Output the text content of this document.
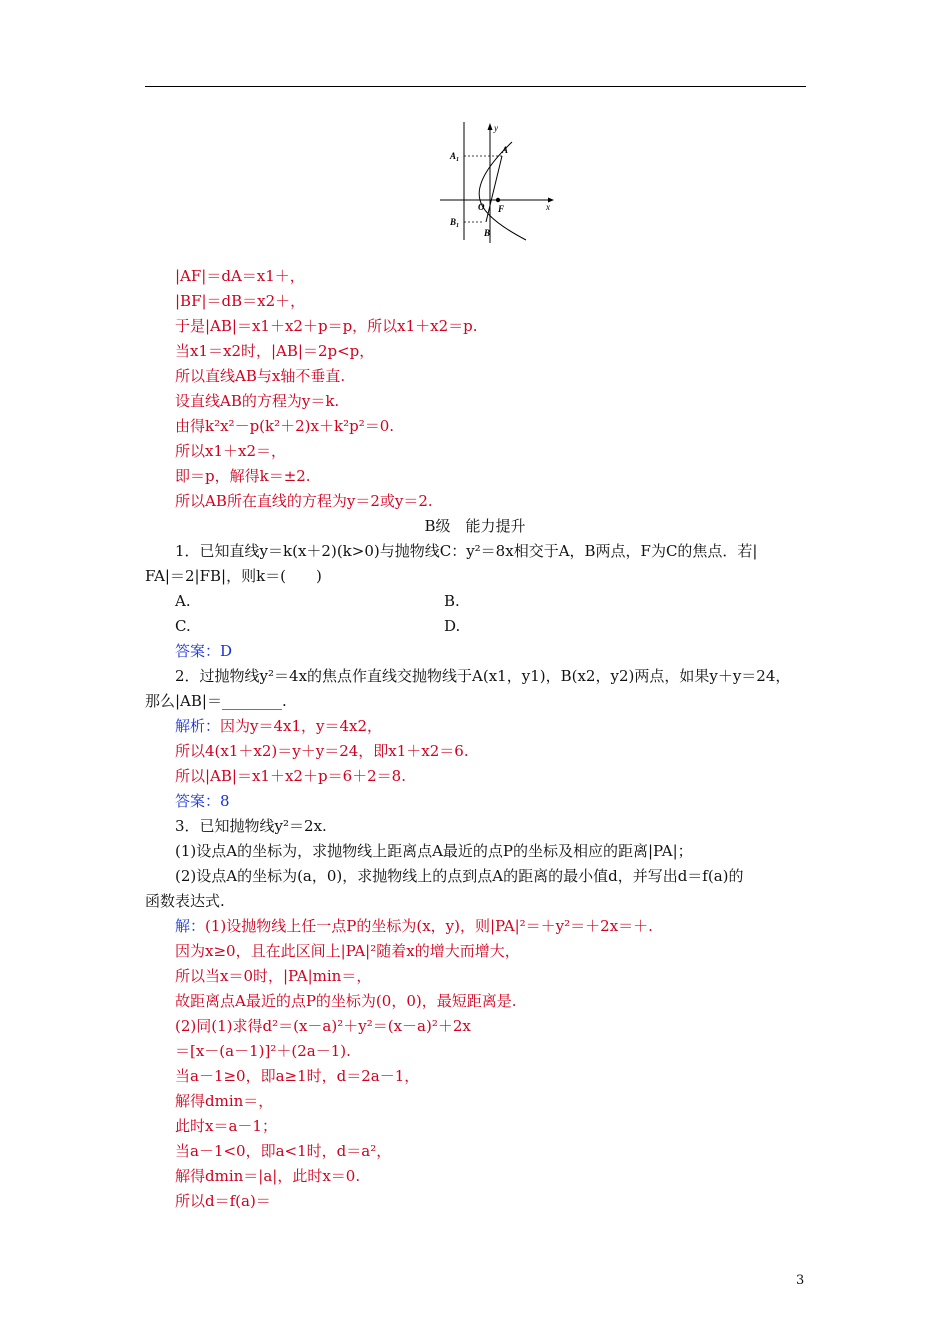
y
x
O F
A
B
$A_1$
$B_1$
|AF|＝dA＝x1＋，
|BF|＝dB＝x2＋，
于是|AB|＝x1＋x2＋p＝p，所以x1＋x2＝p.
当x1＝x2时，|AB|＝2p<p，
所以直线AB与x轴不垂直.
设直线AB的方程为y＝k.
由得k²x²－p(k²＋2)x＋k²p²＝0.
所以x1＋x2＝，
即＝p，解得k＝±2.
所以AB所在直线的方程为y＝2或y＝2.
B级　能力提升
1．已知直线y＝k(x＋2)(k>0)与抛物线C：y²＝8x相交于A，B两点，F为C的焦点．若|
FA|＝2|FB|，则k＝(　　)
A.	B.
C.	D.
答案：D
2．过抛物线y²＝4x的焦点作直线交抛物线于A(x1，y1)，B(x2，y2)两点，如果y＋y＝24，
那么|AB|＝________.
解析：因为y＝4x1，y＝4x2，
所以4(x1＋x2)＝y＋y＝24，即x1＋x2＝6.
所以|AB|＝x1＋x2＋p＝6＋2＝8.
答案：8
3．已知抛物线y²＝2x.
(1)设点A的坐标为，求抛物线上距离点A最近的点P的坐标及相应的距离|PA|；
(2)设点A的坐标为(a，0)，求抛物线上的点到点A的距离的最小值d，并写出d＝f(a)的
函数表达式.
解：(1)设抛物线上任一点P的坐标为(x，y)，则|PA|²＝＋y²＝＋2x＝＋.
因为x≥0，且在此区间上|PA|²随着x的增大而增大，
所以当x＝0时，|PA|min＝，
故距离点A最近的点P的坐标为(0，0)，最短距离是.
(2)同(1)求得d²＝(x－a)²＋y²＝(x－a)²＋2x
＝[x－(a－1)]²＋(2a－1).
当a－1≥0，即a≥1时，d＝2a－1，
解得dmin＝，
此时x＝a－1；
当a－1<0，即a<1时，d＝a²，
解得dmin＝|a|，此时x＝0.
所以d＝f(a)＝
3
